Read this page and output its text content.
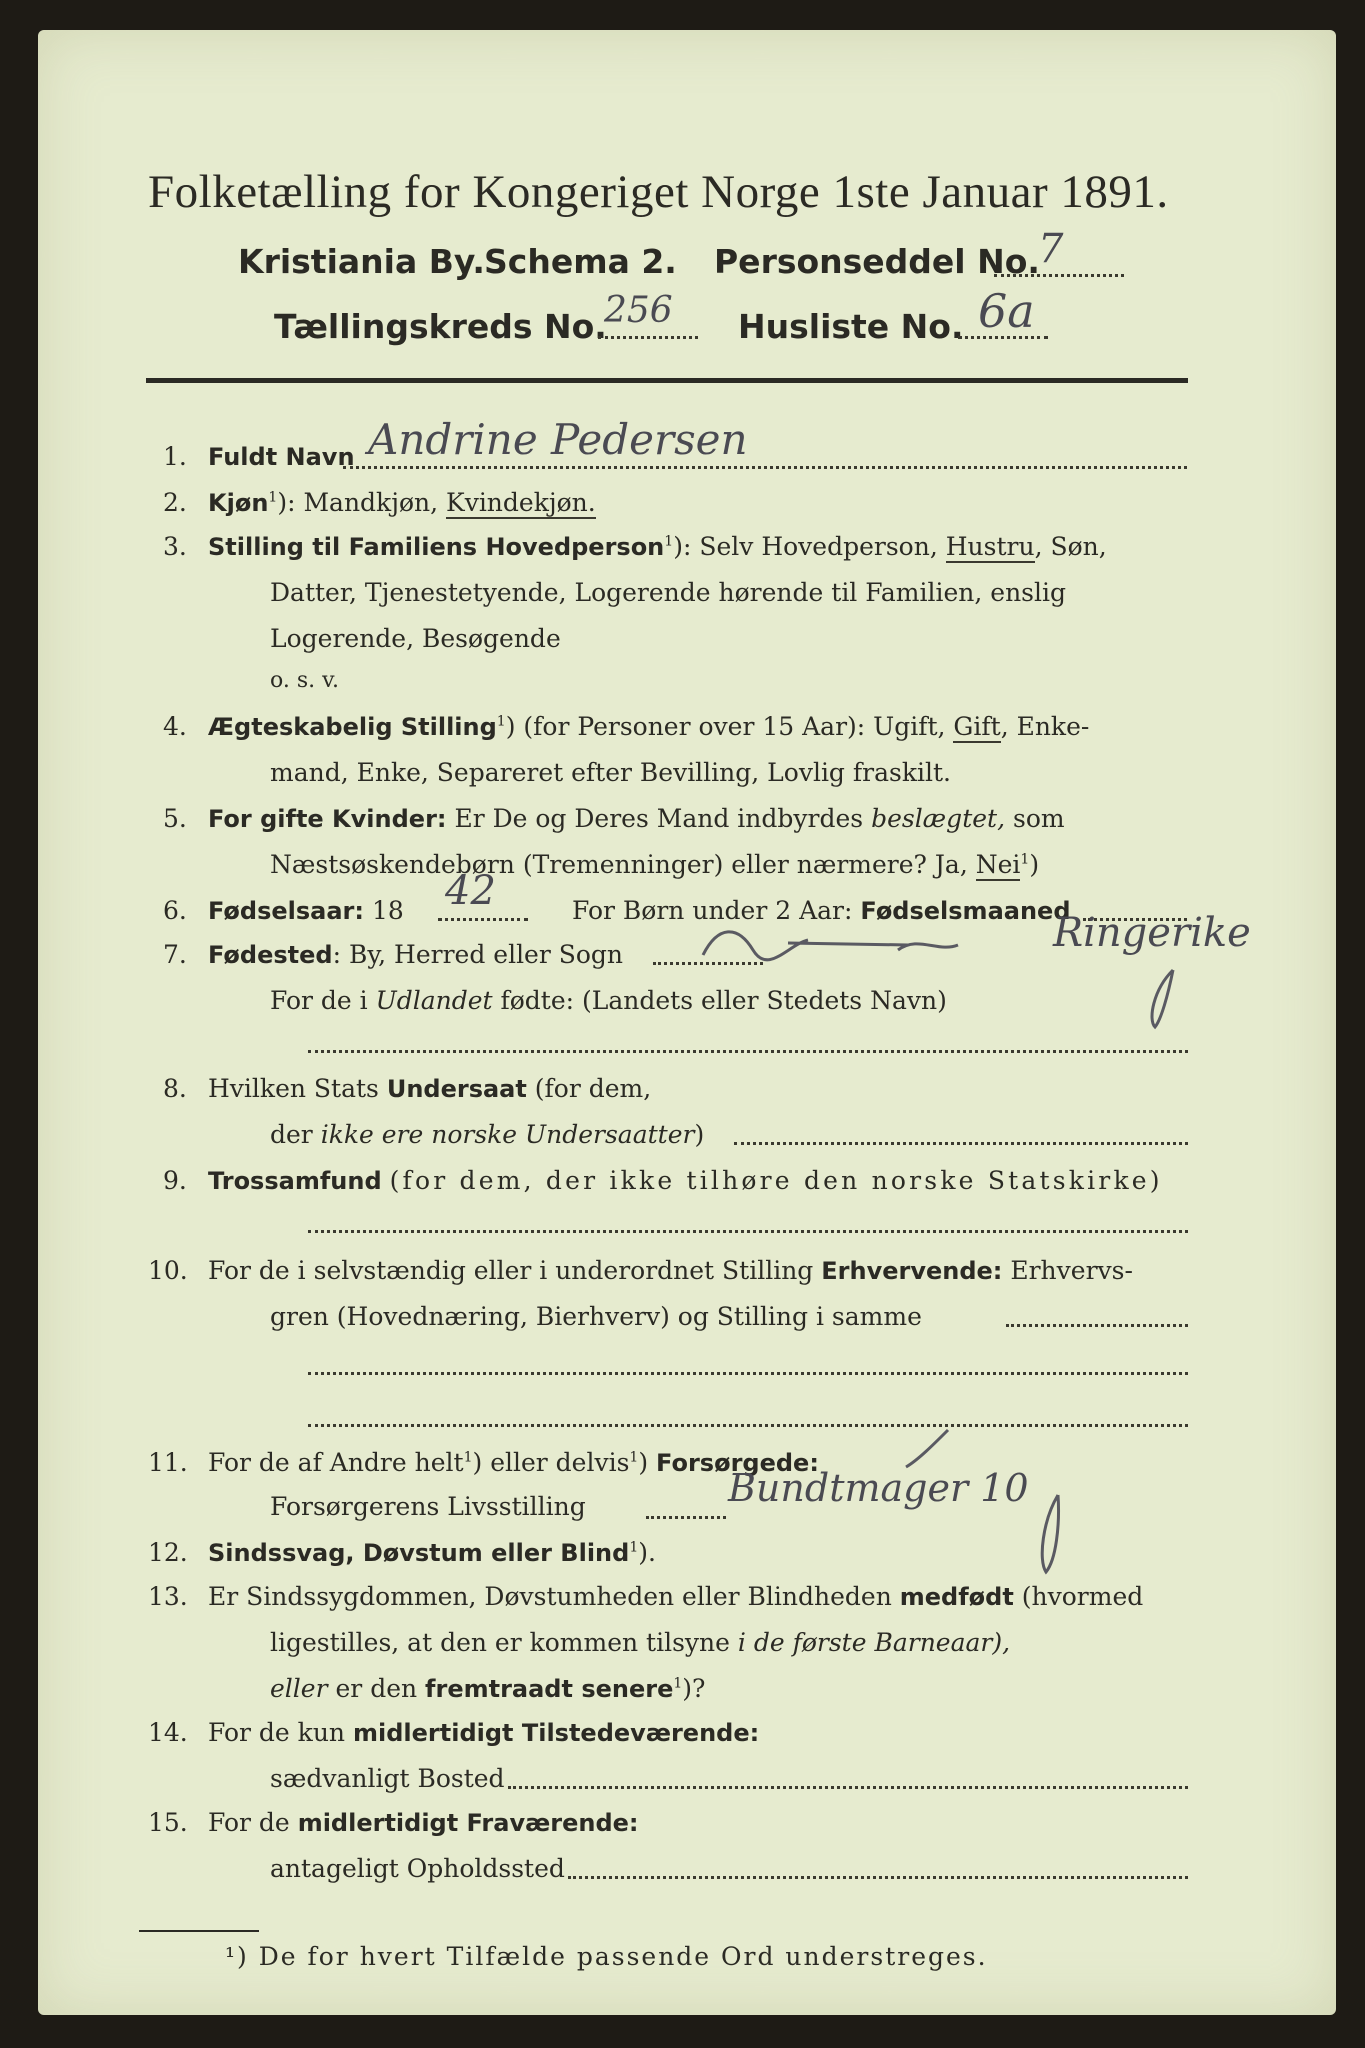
Folketælling for Kongeriget Norge 1ste Januar 1891.
Kristiania By. Schema 2. Personseddel No.
7
Tællingskreds No.
256 Husliste No. 6a
1. Fuldt Navn Andrine Pedersen
2. Kjøn$^1$): Mandkjøn, Kvindekjøn.
3. Stilling til Familiens Hovedperson$^1$): Selv Hovedperson, Hustru, Søn,
Datter, Tjenestetyende, Logerende hørende til Familien, enslig
Logerende, Besøgende
o. s. v.
4. Ægteskabelig Stilling$^1$) (for Personer over 15 Aar): Ugift, Gift, Enke-
mand, Enke, Separeret efter Bevilling, Lovlig fraskilt.
5. For gifte Kvinder: Er De og Deres Mand indbyrdes beslægtet, som
Næstsøskendebørn (Tremenninger) eller nærmere? Ja, Nei$^1$)
6. Fødselsaar: 18 42	For Børn under 2 Aar: Fødselsmaaned
7. Fødested: By, Herred eller Sogn	Ringerike
For de i Udlandet fødte: (Landets eller Stedets Navn)
8. Hvilken Stats Undersaat (for dem,
der ikke ere norske Undersaatter)
9. Trossamfund (for dem, der ikke tilhøre den norske Statskirke)
10. For de i selvstændig eller i underordnet Stilling Erhvervende: Erhvervs-
gren (Hovednæring, Bierhverv) og Stilling i samme
11. For de af Andre helt$^1$) eller delvis$^1$) Forsørgede:
Forsørgerens Livsstilling	Bundtmager 10
12. Sindssvag, Døvstum eller Blind$^1$).
13. Er Sindssygdommen, Døvstumheden eller Blindheden medfødt (hvormed
ligestilles, at den er kommen tilsyne i de første Barneaar),
eller er den fremtraadt senere$^1$)?
14. For de kun midlertidigt Tilstedeværende:
sædvanligt Bosted
15. For de midlertidigt Fraværende:
antageligt Opholdssted
¹) De for hvert Tilfælde passende Ord understreges.
